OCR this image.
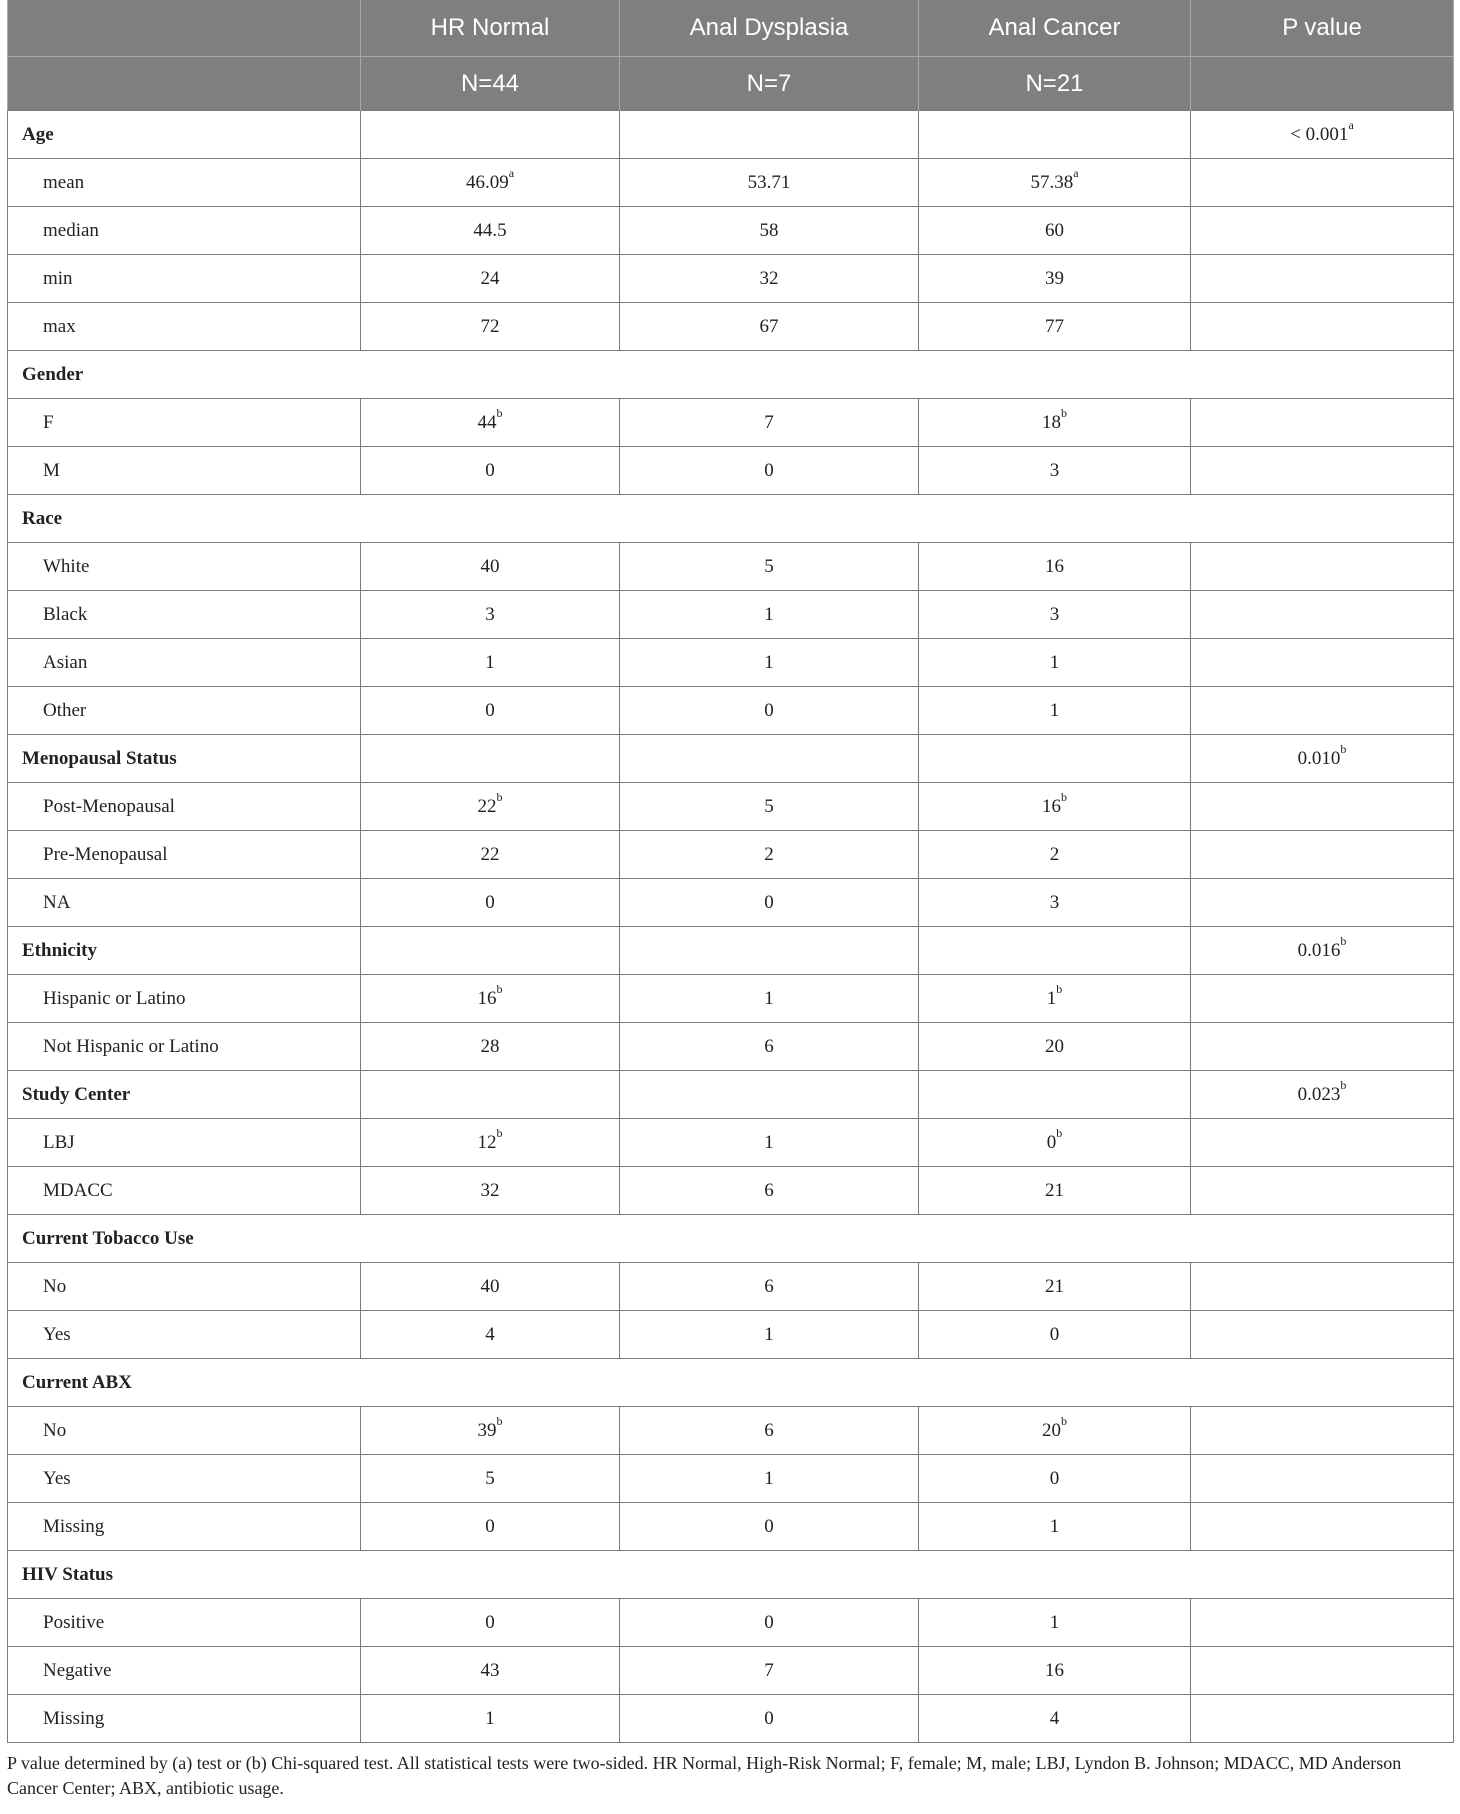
	HR Normal	Anal Dysplasia	Anal Cancer	P value
	N=44	N=7	N=21	
Age				< 0.001$^a$
mean	46.09$^a$	53.71	57.38$^a$	
median	44.5	58	60	
min	24	32	39	
max	72	67	77	
Gender				
F	44$^b$	7	18$^b$	
M	0	0	3	
Race				
White	40	5	16	
Black	3	1	3	
Asian	1	1	1	
Other	0	0	1	
Menopausal Status				0.010$^b$
Post-Menopausal	22$^b$	5	16$^b$	
Pre-Menopausal	22	2	2	
NA	0	0	3	
Ethnicity				0.016$^b$
Hispanic or Latino	16$^b$	1	1$^b$	
Not Hispanic or Latino	28	6	20	
Study Center				0.023$^b$
LBJ	12$^b$	1	0$^b$	
MDACC	32	6	21	
Current Tobacco Use				
No	40	6	21	
Yes	4	1	0	
Current ABX				
No	39$^b$	6	20$^b$	
Yes	5	1	0	
Missing	0	0	1	
HIV Status				
Positive	0	0	1	
Negative	43	7	16	
Missing	1	0	4	
P value determined by (a) test or (b) Chi-squared test. All statistical tests were two-sided. HR Normal, High-Risk Normal; F, female; M, male; LBJ, Lyndon B. Johnson; MDACC, MD Anderson Cancer Center; ABX, antibiotic usage.
